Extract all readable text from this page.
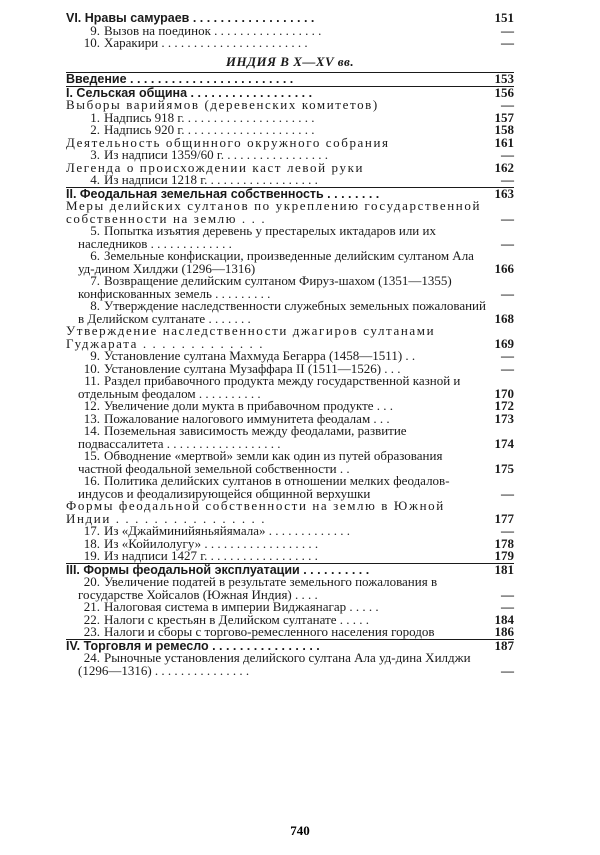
VI. Нравы самураев . . . . . . . . . . . . . . . . . .	151
9. Вызов на поединок . . . . . . . . . . . . . . . . .	—
10. Харакири . . . . . . . . . . . . . . . . . . . . . . .	—
ИНДИЯ В X—XV вв.	
Введение . . . . . . . . . . . . . . . . . . . . . . . .	153
I. Сельская община . . . . . . . . . . . . . . . . . .	156
Выборы варийямов (деревенских комитетов)	—
1. Надпись 918 г. . . . . . . . . . . . . . . . . . . . .	157
2. Надпись 920 г. . . . . . . . . . . . . . . . . . . . .	158
Деятельность общинного окружного собрания	161
3. Из надписи 1359/60 г. . . . . . . . . . . . . . . . .	—
Легенда о происхождении каст левой руки	162
4. Из надписи 1218 г. . . . . . . . . . . . . . . . . .	—
II. Феодальная земельная собственность . . . . . . . .	163
Меры делийских султанов по укреплению государственной собственности на землю . . .	—
5. Попытка изъятия деревень у престарелых иктадаров или их наследников . . . . . . . . . . . . .	—
6. Земельные конфискации, произведенные делийским султаном Ала уд-дином Хилджи (1296—1316)	166
7. Возвращение делийским султаном Фируз-шахом (1351—1355) конфискованных земель . . . . . . . . .	—
8. Утверждение наследственности служебных земельных пожалований в Делийском султанате . . . . . . .	168
Утверждение наследственности джагиров султанами Гуджарата . . . . . . . . . . . . .	169
9. Установление султана Махмуда Бегарра (1458—1511) . .	—
10. Установление султана Музаффара II (1511—1526) . . .	—
11. Раздел прибавочного продукта между государственной казной и отдельным феодалом . . . . . . . . . .	170
12. Увеличение доли мукта в прибавочном продукте . . .	172
13. Пожалование налогового иммунитета феодалам . . .	173
14. Поземельная зависимость между феодалами, развитие подвассалитета . . . . . . . . . . . . . . . . . .	174
15. Обводнение «мертвой» земли как один из путей образования частной феодальной земельной собственности . .	175
16. Политика делийских султанов в отношении мелких феодалов-индусов и феодализирующейся общинной верхушки	—
Формы феодальной собственности на землю в Южной Индии . . . . . . . . . . . . . . . .	177
17. Из «Джайминийяньяйямала» . . . . . . . . . . . . .	—
18. Из «Койилолугу» . . . . . . . . . . . . . . . . . .	178
19. Из надписи 1427 г. . . . . . . . . . . . . . . . . .	179
III. Формы феодальной эксплуатации . . . . . . . . . .	181
20. Увеличение податей в результате земельного пожалования в государстве Хойсалов (Южная Индия) . . . .	—
21. Налоговая система в империи Виджаянагар . . . . .	—
22. Налоги с крестьян в Делийском султанате . . . . .	184
23. Налоги и сборы с торгово-ремесленного населения городов	186
IV. Торговля и ремесло . . . . . . . . . . . . . . . .	187
24. Рыночные установления делийского султана Ала уд-дина Хилджи (1296—1316) . . . . . . . . . . . . . . .	—
740
